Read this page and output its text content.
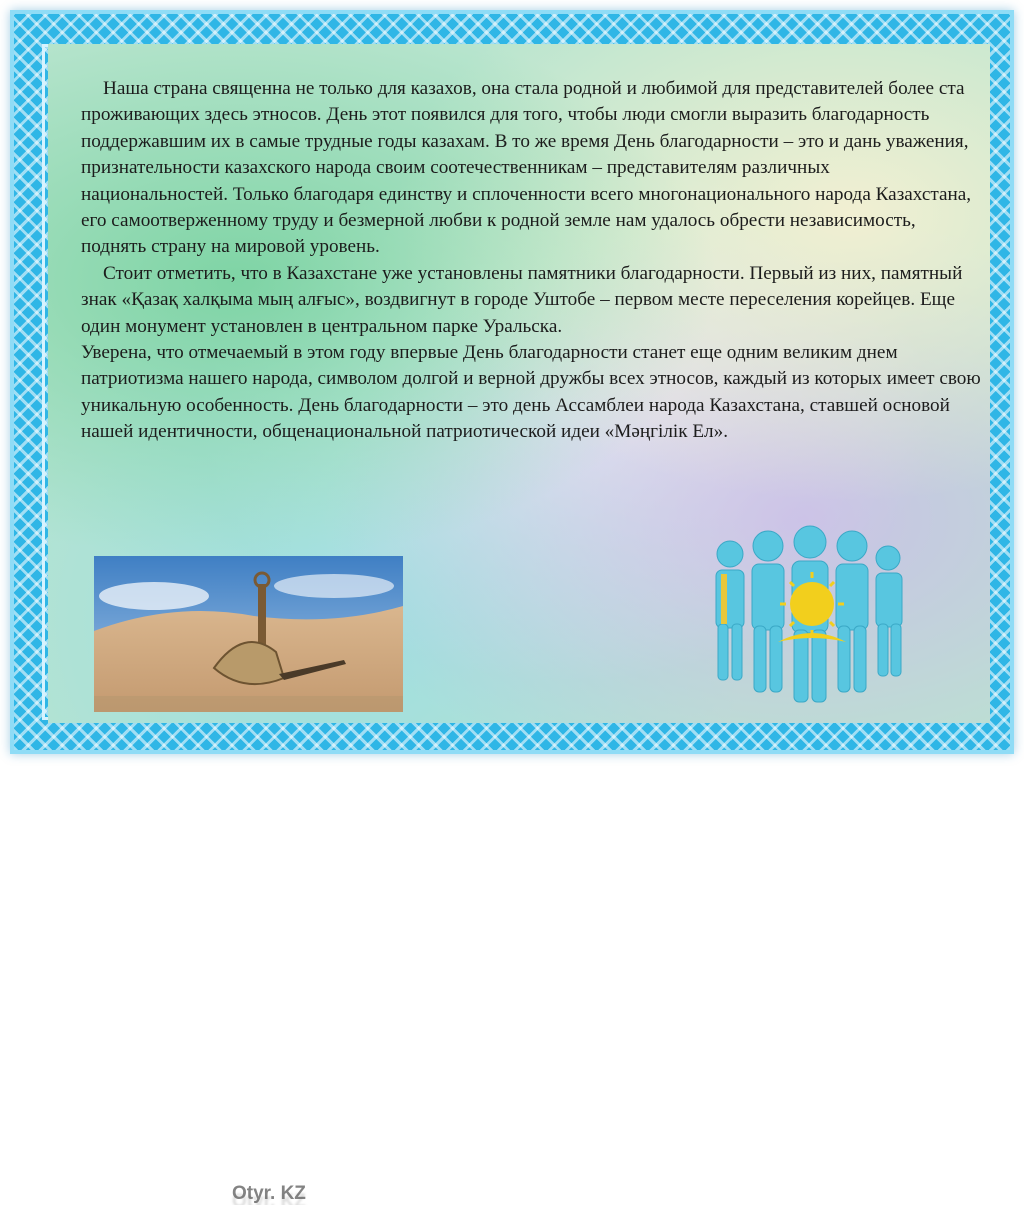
Наша страна священна не только для казахов, она стала родной и любимой для представителей более ста проживающих здесь этносов. День этот появился для того, чтобы люди смогли выразить благодарность поддержавшим их в самые трудные годы казахам. В то же время День благодарности – это и дань уважения, признательности казахского народа своим соотечественникам – представителям различных национальностей. Только благодаря единству и сплоченности всего многонационального народа Казахстана, его самоотверженному труду и безмерной любви к родной земле нам удалось обрести независимость, поднять страну на мировой уровень.

Стоит отметить, что в Казахстане уже установлены памятники благодарности. Первый из них, памятный знак «Қазақ халқыма мың алғыс», воздвигнут в городе Уштобе – первом месте переселения корейцев. Еще один монумент установлен в центральном парке Уральска.

Уверена, что отмечаемый в этом году впервые День благодарности станет еще одним великим днем патриотизма нашего народа, символом долгой и верной дружбы всех этносов, каждый из которых имеет свою уникальную особенность. День благодарности – это день Ассамблеи народа Казахстана, ставшей основой нашей идентичности, общенациональной патриотической идеи «Мәңгілік Ел».

Otyr. KZ
